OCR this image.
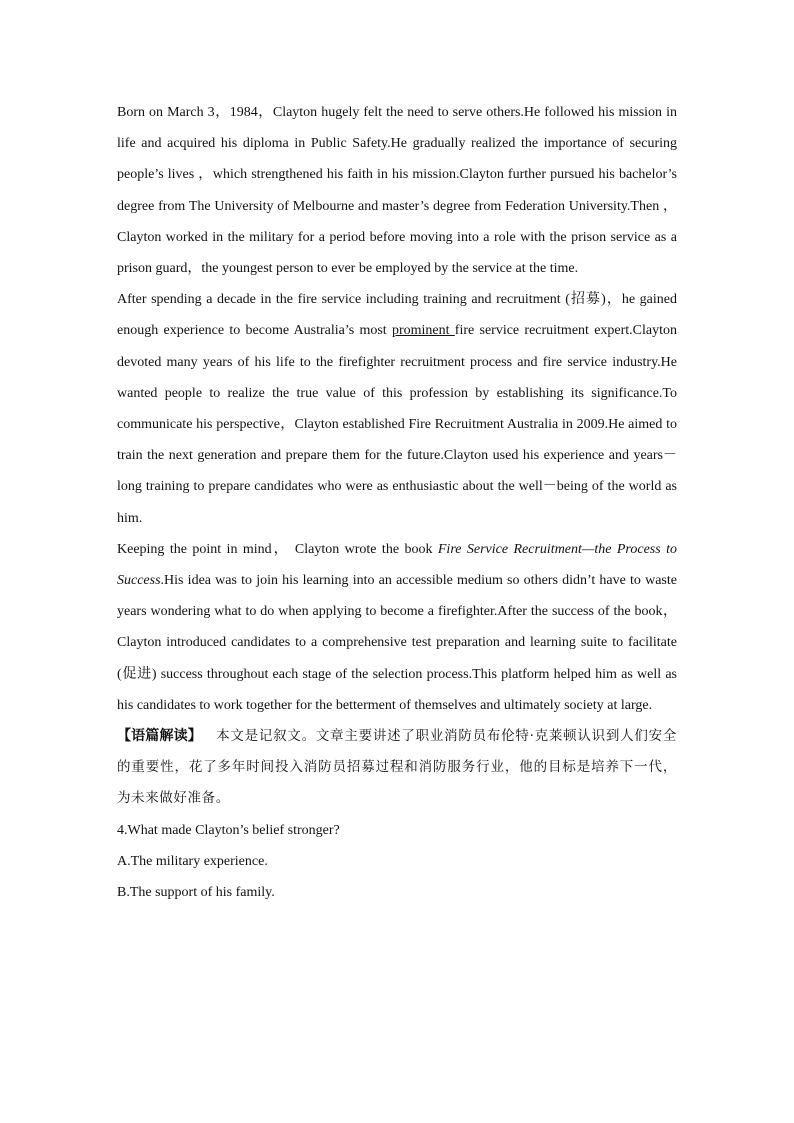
Born on March 3，1984，Clayton hugely felt the need to serve others.He followed his mission in life and acquired his diploma in Public Safety.He gradually realized the importance of securing people’s lives ，which strengthened his faith in his mission.Clayton further pursued his bachelor’s degree from The University of Melbourne and master’s degree from Federation University.Then ，Clayton worked in the military for a period before moving into a role with the prison service as a prison guard，the youngest person to ever be employed by the service at the time.

After spending a decade in the fire service including training and recruitment (招募)，he gained enough experience to become Australia’s most prominent fire service recruitment expert.Clayton devoted many years of his life to the firefighter recruitment process and fire service industry.He wanted people to realize the true value of this profession by establishing its significance.To communicate his perspective，Clayton established Fire Recruitment Australia in 2009.He aimed to train the next generation and prepare them for the future.Clayton used his experience and years－long training to prepare candidates who were as enthusiastic about the well－being of the world as him.

Keeping the point in mind， Clayton wrote the book Fire Service Recruitment—the Process to Success.His idea was to join his learning into an accessible medium so others didn’t have to waste years wondering what to do when applying to become a firefighter.After the success of the book， Clayton introduced candidates to a comprehensive test preparation and learning suite to facilitate (促进) success throughout each stage of the selection process.This platform helped him as well as his candidates to work together for the betterment of themselves and ultimately society at large.

【语篇解读】 本文是记叙文。文章主要讲述了职业消防员布伦特·克莱顿认识到人们安全的重要性，花了多年时间投入消防员招募过程和消防服务行业，他的目标是培养下一代，为未来做好准备。

4.What made Clayton’s belief stronger?

A.The military experience.

B.The support of his family.
